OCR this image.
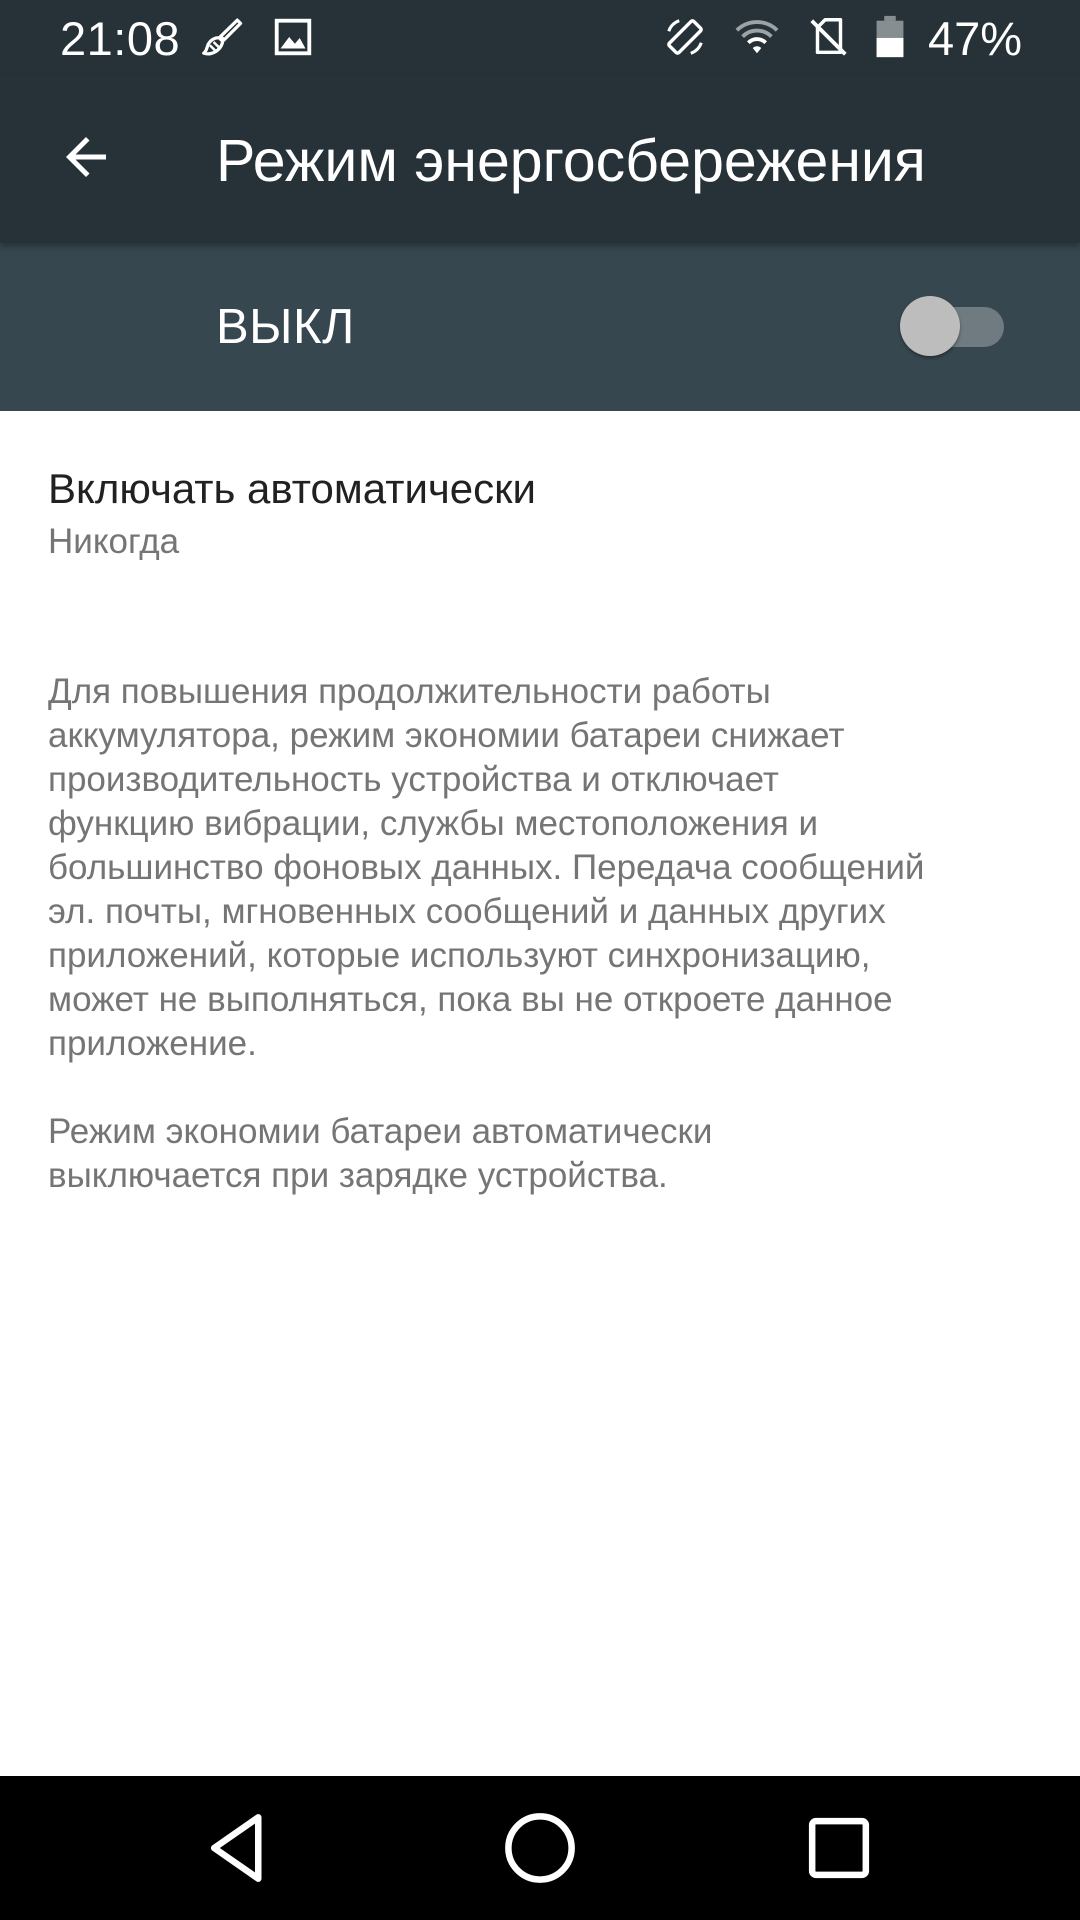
21:08	47%
Режим энергосбережения
ВЫКЛ
Включать автоматически
Никогда

Для повышения продолжительности работы
аккумулятора, режим экономии батареи снижает
производительность устройства и отключает
функцию вибрации, службы местоположения и
большинство фоновых данных. Передача сообщений
эл. почты, мгновенных сообщений и данных других
приложений, которые используют синхронизацию,
может не выполняться, пока вы не откроете данное
приложение.

Режим экономии батареи автоматически
выключается при зарядке устройства.
